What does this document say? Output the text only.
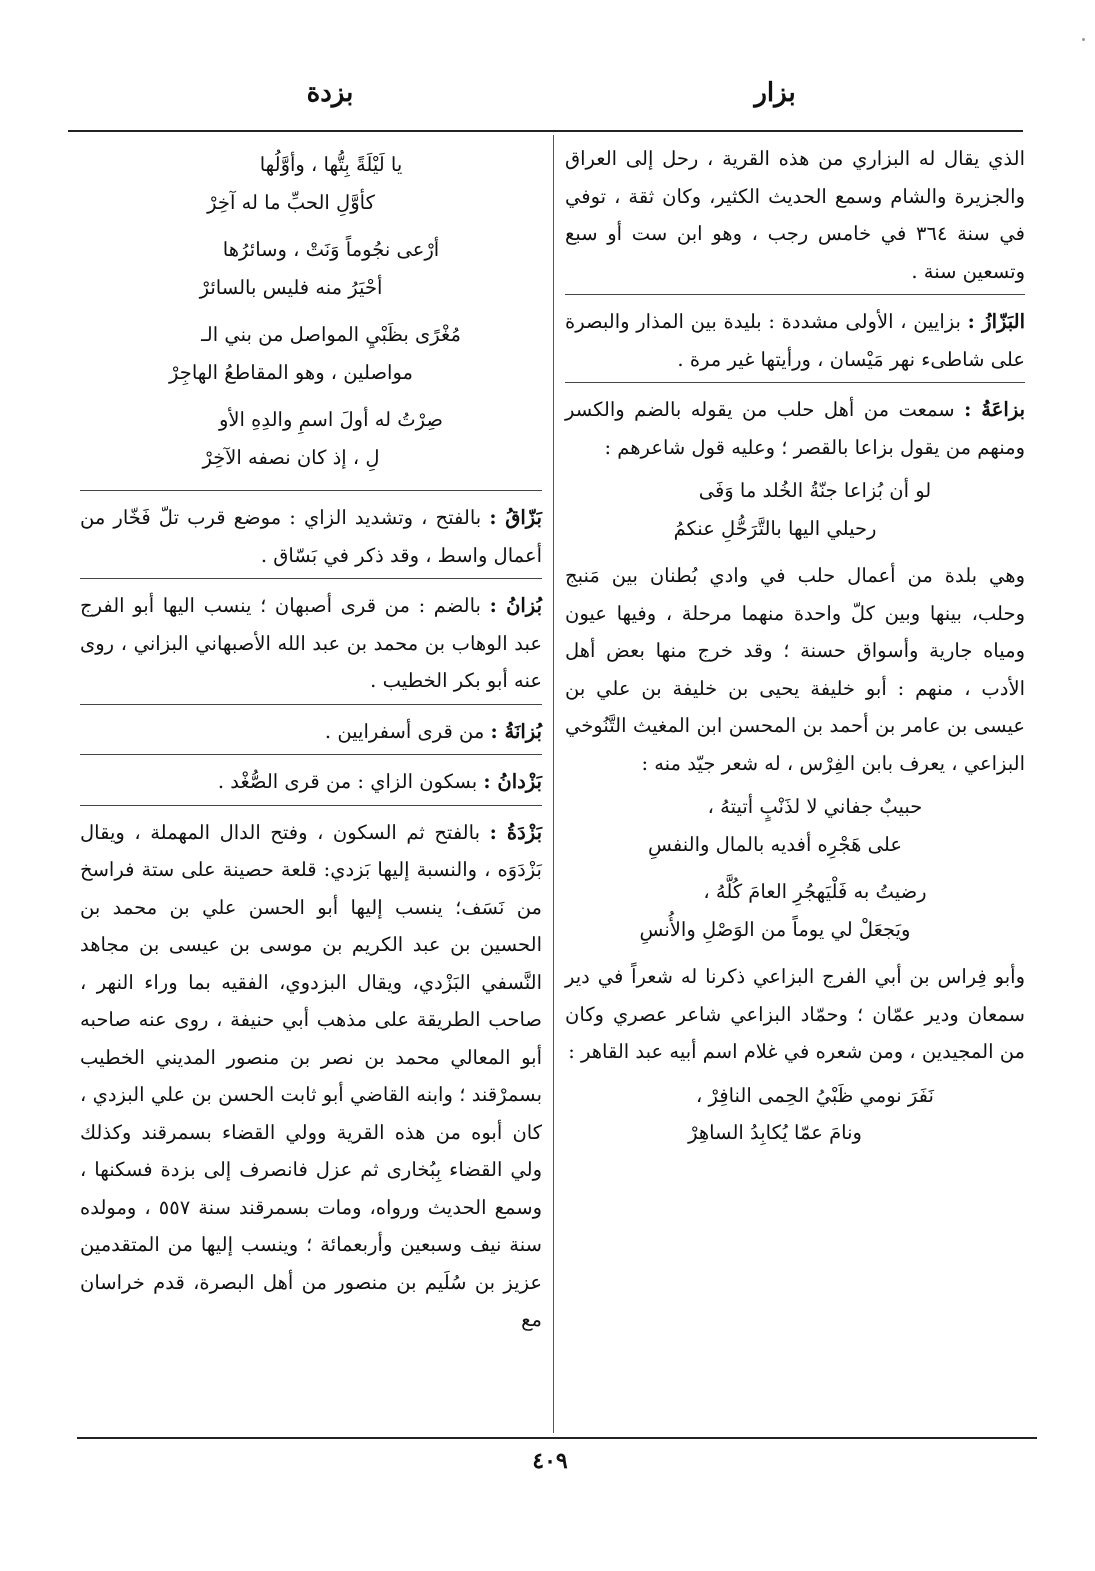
بزار
بزدة
الذي يقال له البزاري من هذه القرية ، رحل إلى العراق والجزيرة والشام وسمع الحديث الكثير، وكان ثقة ، توفي في سنة ٣٦٤ في خامس رجب ، وهو ابن ست أو سبع وتسعين سنة .
البَزّازُ : بزايين ، الأولى مشددة : بليدة بين المذار والبصرة على شاطىء نهر مَيْسان ، ورأيتها غير مرة .
بزاعَةُ : سمعت من أهل حلب من يقوله بالضم والكسر ومنهم من يقول بزاعا بالقصر ؛ وعليه قول شاعرهم :
لو أن بُزاعا جنّةُ الخُلد ما وَفَى
رحيلي اليها بالتَّرَحُّلِ عنكمُ
وهي بلدة من أعمال حلب في وادي بُطنان بين مَنبج وحلب، بينها وبين كلّ واحدة منهما مرحلة ، وفيها عيون ومياه جارية وأسواق حسنة ؛ وقد خرج منها بعض أهل الأدب ، منهم : أبو خليفة يحيى بن خليفة بن علي بن عيسى بن عامر بن أحمد بن المحسن ابن المغيث التَّنُوخي البزاعي ، يعرف بابن الفِرْس ، له شعر جيّد منه :
حبيبٌ جفاني لا لذَنْبٍ أتيتهُ ،
على هَجْرِه أفديه بالمال والنفسِ
رضيتُ به فَلْيَهجُرِ العامَ كُلَّهُ ،
ويَجعَلْ لي يوماً من الوَصْلِ والأُنسِ
وأبو فِراس بن أبي الفرج البزاعي ذكرنا له شعراً في دير سمعان ودير عمّان ؛ وحمّاد البزاعي شاعر عصري وكان من المجيدين ، ومن شعره في غلام اسم أبيه عبد القاهر :
نَفَرَ نومي ظَبْيُ الحِمى النافِرْ ،
ونامَ عمّا يُكابِدُ الساهِرْ
يا لَيْلَةً بِتُّها ، وأوَّلُها
كأوَّلِ الحبِّ ما له آخِرْ
أرْعى نجُوماً وَنَتْ ، وسائرُها
أحْيَرُ منه فليس بالسائرْ
مُغْرًى بظَبْيِ المواصل من بني الـ
مواصلين ، وهو المقاطعُ الهاجِرْ
صِرْتُ له أولَ اسمِ والدِهِ الأو
لِ ، إذ كان نصفه الآخِرْ
بَزّاقُ : بالفتح ، وتشديد الزاي : موضع قرب تلّ فَخّار من أعمال واسط ، وقد ذكر في بَسّاق .
بُزانُ : بالضم : من قرى أصبهان ؛ ينسب اليها أبو الفرج عبد الوهاب بن محمد بن عبد الله الأصبهاني البزاني ، روى عنه أبو بكر الخطيب .
بُزانَةُ : من قرى أسفرايين .
بَزْدانُ : بسكون الزاي : من قرى الصُّغْد .
بَزْدَةُ : بالفتح ثم السكون ، وفتح الدال المهملة ، ويقال بَزْدَوَه ، والنسبة إليها بَزدي: قلعة حصينة على ستة فراسخ من نَسَف؛ ينسب إليها أبو الحسن علي بن محمد بن الحسين بن عبد الكريم بن موسى بن عيسى بن مجاهد النَّسفي البَزْدي، ويقال البزدوي، الفقيه بما وراء النهر ، صاحب الطريقة على مذهب أبي حنيفة ، روى عنه صاحبه أبو المعالي محمد بن نصر بن منصور المديني الخطيب بسمرْقند ؛ وابنه القاضي أبو ثابت الحسن بن علي البزدي ، كان أبوه من هذه القرية وولي القضاء بسمرقند وكذلك ولي القضاء بِبُخارى ثم عزل فانصرف إلى بزدة فسكنها ، وسمع الحديث ورواه، ومات بسمرقند سنة ٥٥٧ ، ومولده سنة نيف وسبعين وأربعمائة ؛ وينسب إليها من المتقدمين عزيز بن سُلَيم بن منصور من أهل البصرة، قدم خراسان مع
٤٠٩
